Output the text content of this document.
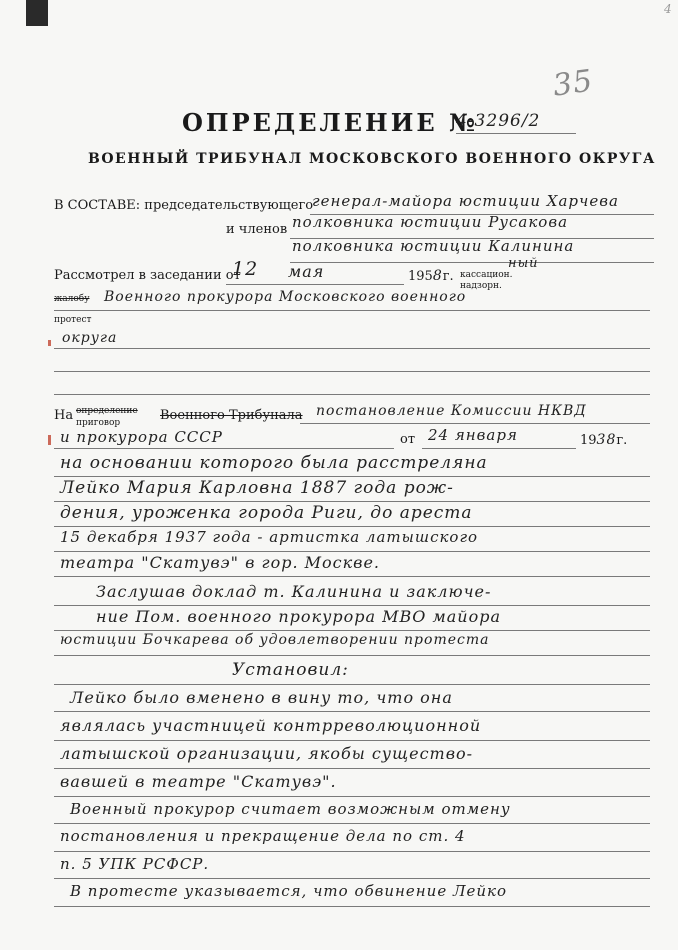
4
35
ОПРЕДЕЛЕНИЕ №
4-3296/2
ВОЕННЫЙ ТРИБУНАЛ МОСКОВСКОГО ВОЕННОГО ОКРУГА
В СОСТАВЕ: председательствующего
генерал-майора юстиции Харчева
и членов полковника юстиции Русакова
полковника юстиции Калинина
Рассмотрел в заседании от
12 мая	1958г. кассацион.
надзорн.
ный
жалобу Военного прокурора Московского военного
протест
округа
На определение
приговор	Военного Трибунала постановление Комиссии НКВД
и прокурора СССР	от 24 января	1938г.
на основании которого была расстреляна
Лейко Мария Карловна 1887 года рож-
дения, уроженка города Риги, до ареста
15 декабря 1937 года - артистка латышского
театра "Скатувэ" в гор. Москве.
Заслушав доклад т. Калинина и заключе-
ние Пом. военного прокурора МВО майора
юстиции Бочкарева об удовлетворении протеста
Установил:
Лейко было вменено в вину то, что она
являлась участницей контрреволюционной
латышской организации, якобы существо-
вавшей в театре "Скатувэ".
Военный прокурор считает возможным отмену
постановления и прекращение дела по ст. 4
п. 5 УПК РСФСР.
В протесте указывается, что обвинение Лейко
